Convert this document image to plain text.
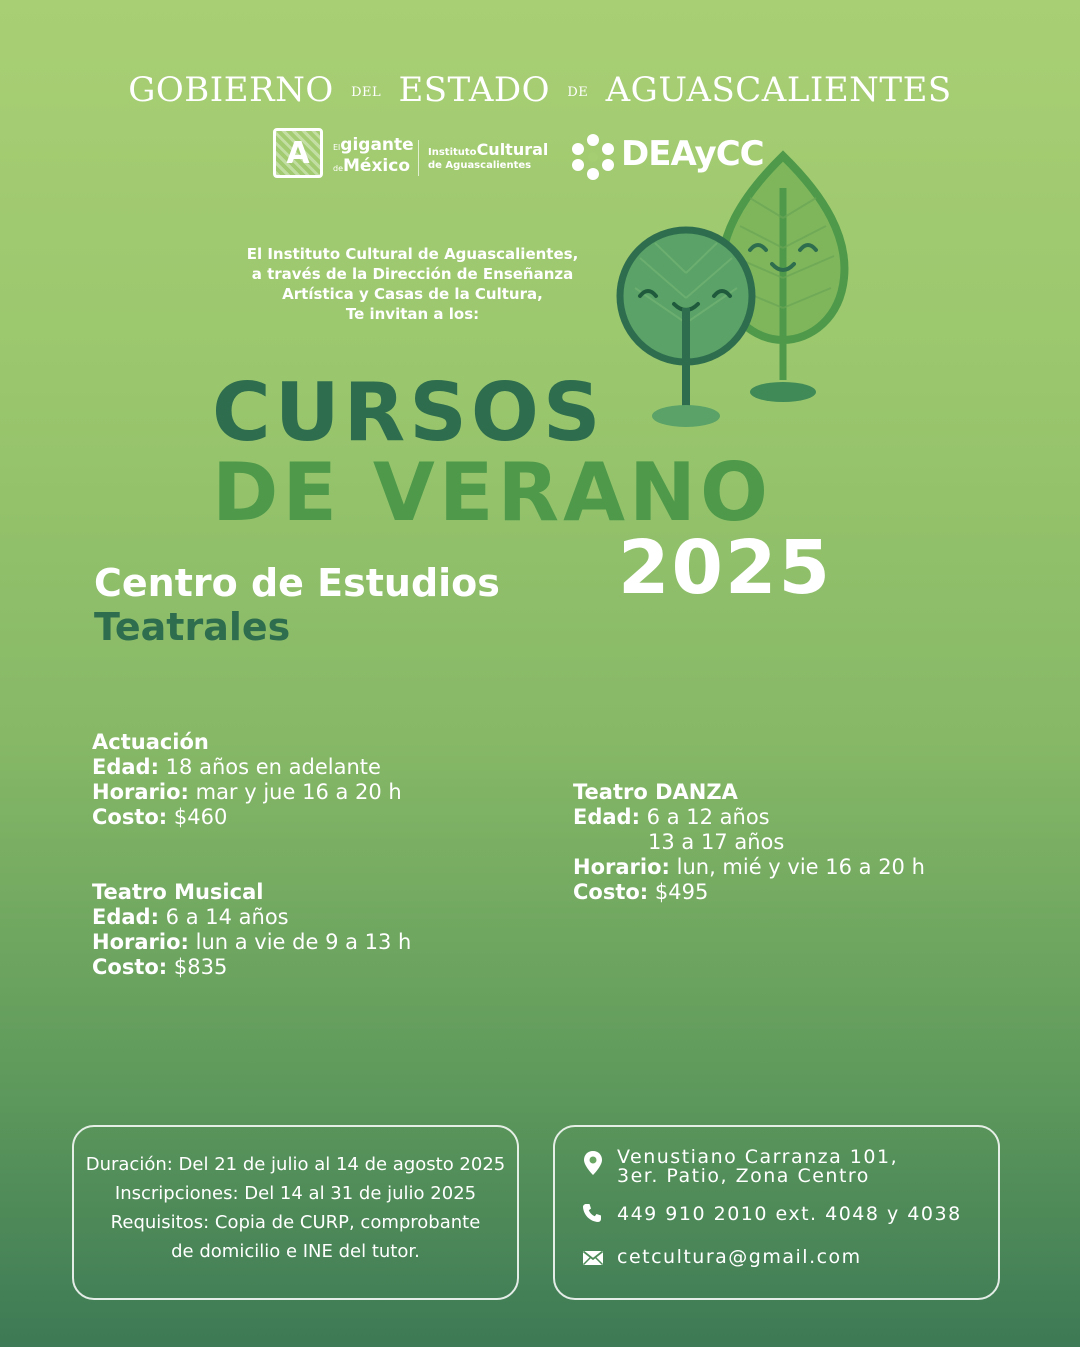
GOBIERNO DEL ESTADO DE AGUASCALIENTES
A	Elgigante
deMéxico
InstitutoCultural
de Aguascalientes	DEAyCC
El Instituto Cultural de Aguascalientes,
a través de la Dirección de Enseñanza
Artística y Casas de la Cultura,
Te invitan a los:
CURSOS
DE VERANO
2025
Centro de Estudios
Teatrales
Actuación
Edad: 18 años en adelante
Horario: mar y jue 16 a 20 h
Costo: $460
Teatro Musical
Edad: 6 a 14 años
Horario: lun a vie de 9 a 13 h
Costo: $835
Teatro DANZA
Edad: 6 a 12 años
13 a 17 años
Horario: lun, mié y vie 16 a 20 h
Costo: $495
Duración: Del 21 de julio al 14 de agosto 2025
Inscripciones: Del 14 al 31 de julio 2025
Requisitos: Copia de CURP, comprobante
de domicilio e INE del tutor.
Venustiano Carranza 101,
3er. Patio, Zona Centro
449 910 2010 ext. 4048 y 4038
cetcultura@gmail.com
